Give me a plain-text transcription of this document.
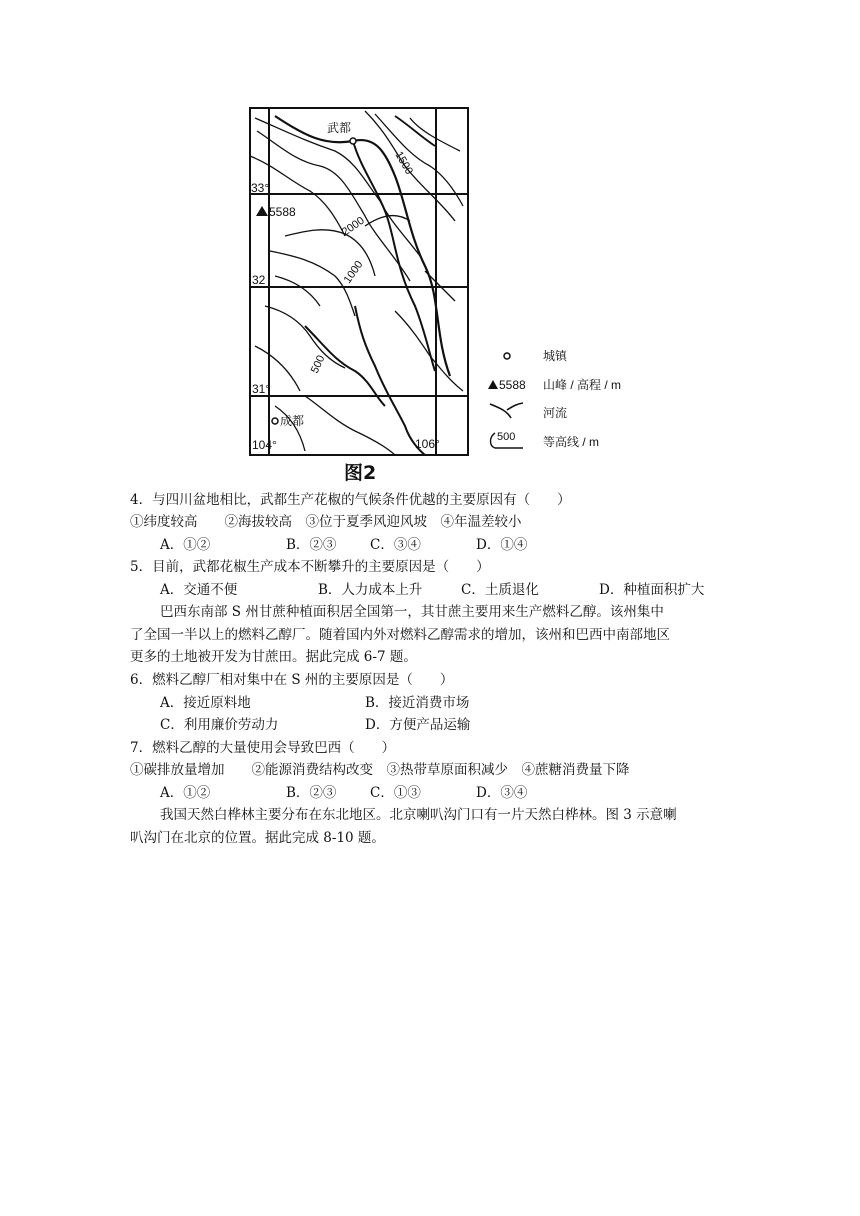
武都
成都
5588
33°
32
31°
104°	106°
1500
2000
1000
500	城镇
5588 山峰 / 高程 / m
河流
500 等高线 / m
图2
4．与四川盆地相比，武都生产花椒的气候条件优越的主要原因有（　　）
①纬度较高　　②海拔较高　③位于夏季风迎风坡　④年温差较小
A．①②	B．②③ C．③④	D．①④
5．目前，武都花椒生产成本不断攀升的主要原因是（　　）
A．交通不便	B．人力成本上升	C．土质退化	D．种植面积扩大
巴西东南部 S 州甘蔗种植面积居全国第一，其甘蔗主要用来生产燃料乙醇。该州集中
了全国一半以上的燃料乙醇厂。随着国内外对燃料乙醇需求的增加，该州和巴西中南部地区
更多的土地被开发为甘蔗田。据此完成 6-7 题。
6．燃料乙醇厂相对集中在 S 州的主要原因是（　　）
A．接近原料地	B．接近消费市场
C．利用廉价劳动力	D．方便产品运输
7．燃料乙醇的大量使用会导致巴西（　　）
①碳排放量增加　　②能源消费结构改变　③热带草原面积减少　④蔗糖消费量下降
A．①②	B．②③ C．①③	D．③④
我国天然白桦林主要分布在东北地区。北京喇叭沟门口有一片天然白桦林。图 3 示意喇
叭沟门在北京的位置。据此完成 8-10 题。
